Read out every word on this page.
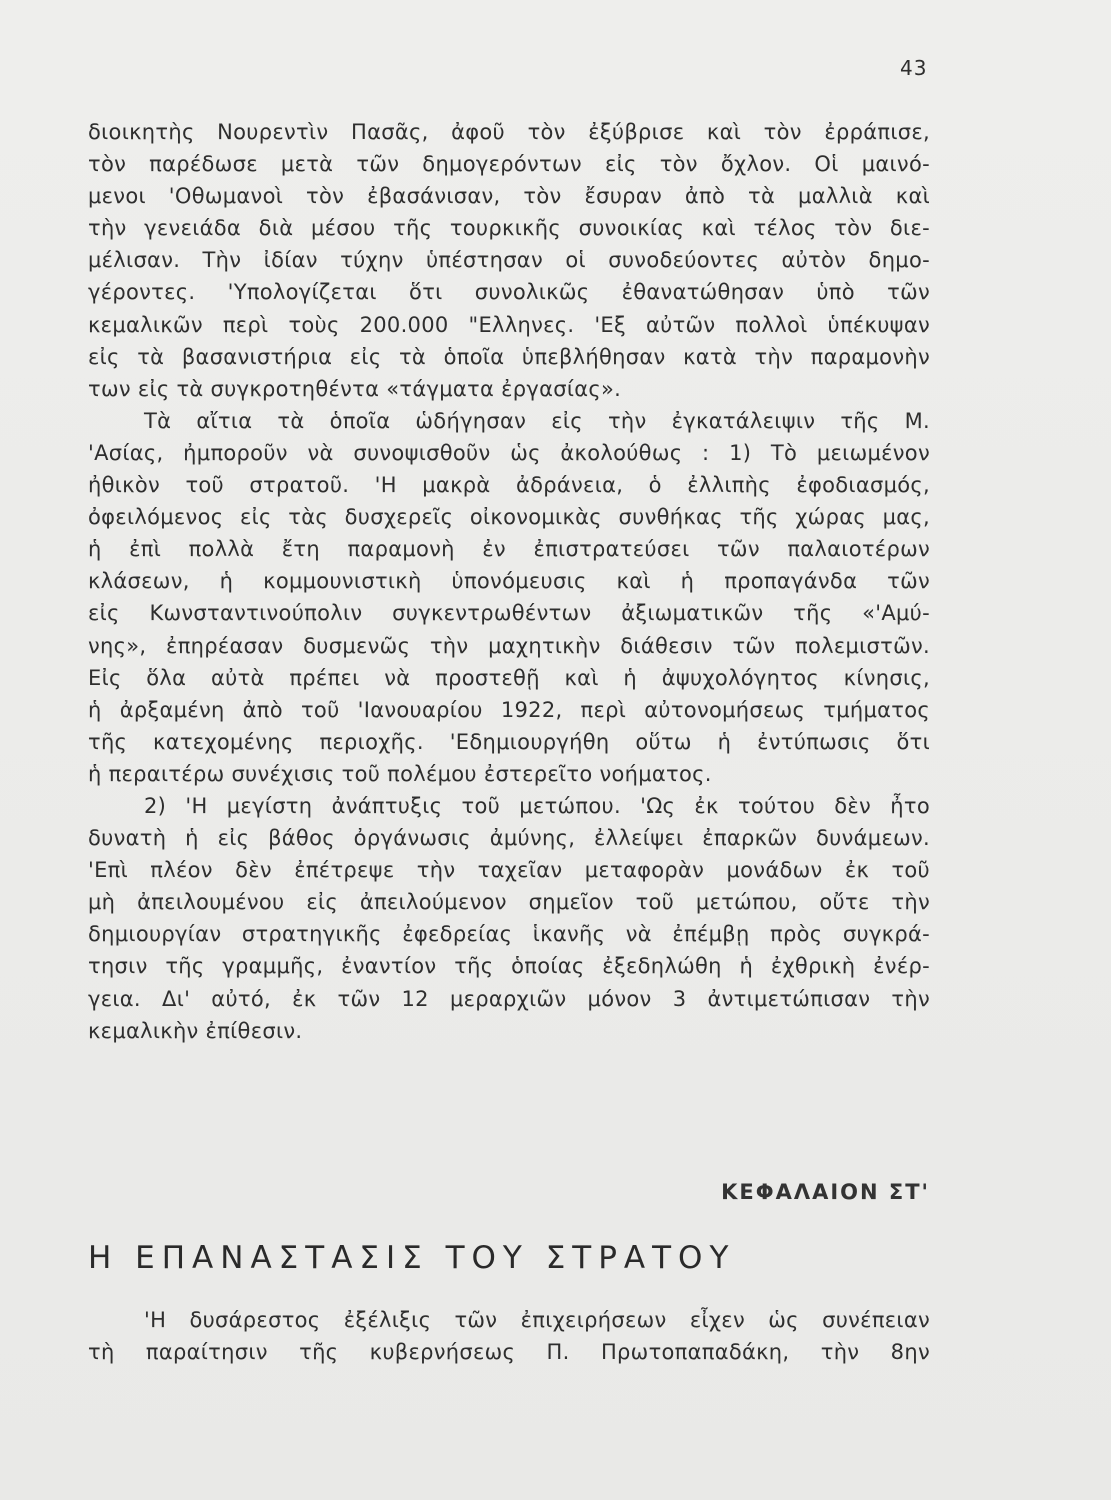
43
διοικητὴς Νουρεντὶν Πασᾶς, ἀφοῦ τὸν ἐξύβρισε καὶ τὸν ἐρράπισε,
τὸν παρέδωσε μετὰ τῶν δημογερόντων εἰς τὸν ὄχλον. Οἱ μαινό-
μενοι 'Οθωμανοὶ τὸν ἐβασάνισαν, τὸν ἔσυραν ἀπὸ τὰ μαλλιὰ καὶ
τὴν γενειάδα διὰ μέσου τῆς τουρκικῆς συνοικίας καὶ τέλος τὸν διε-
μέλισαν. Τὴν ἰδίαν τύχην ὑπέστησαν οἱ συνοδεύοντες αὐτὸν δημο-
γέροντες. 'Υπολογίζεται ὅτι συνολικῶς ἐθανατώθησαν ὑπὸ τῶν
κεμαλικῶν περὶ τοὺς 200.000 "Ελληνες. 'Εξ αὐτῶν πολλοὶ ὑπέκυψαν
εἰς τὰ βασανιστήρια εἰς τὰ ὁποῖα ὑπεβλήθησαν κατὰ τὴν παραμονὴν
των εἰς τὰ συγκροτηθέντα «τάγματα ἐργασίας».
Τὰ αἴτια τὰ ὁποῖα ὡδήγησαν εἰς τὴν ἐγκατάλειψιν τῆς Μ.
'Ασίας, ἠμποροῦν νὰ συνοψισθοῦν ὡς ἀκολούθως : 1) Τὸ μειωμένον
ἠθικὸν τοῦ στρατοῦ. 'Η μακρὰ ἀδράνεια, ὁ ἐλλιπὴς ἐφοδιασμός,
ὀφειλόμενος εἰς τὰς δυσχερεῖς οἰκονομικὰς συνθήκας τῆς χώρας μας,
ἡ ἐπὶ πολλὰ ἔτη παραμονὴ ἐν ἐπιστρατεύσει τῶν παλαιοτέρων
κλάσεων, ἡ κομμουνιστικὴ ὑπονόμευσις καὶ ἡ προπαγάνδα τῶν
εἰς Κωνσταντινούπολιν συγκεντρωθέντων ἀξιωματικῶν τῆς «'Αμύ-
νης», ἐπηρέασαν δυσμενῶς τὴν μαχητικὴν διάθεσιν τῶν πολεμιστῶν.
Εἰς ὅλα αὐτὰ πρέπει νὰ προστεθῇ καὶ ἡ ἀψυχολόγητος κίνησις,
ἡ ἀρξαμένη ἀπὸ τοῦ 'Ιανουαρίου 1922, περὶ αὐτονομήσεως τμήματος
τῆς κατεχομένης περιοχῆς. 'Εδημιουργήθη οὕτω ἡ ἐντύπωσις ὅτι
ἡ περαιτέρω συνέχισις τοῦ πολέμου ἐστερεῖτο νοήματος.
2) 'Η μεγίστη ἀνάπτυξις τοῦ μετώπου. 'Ως ἐκ τούτου δὲν ἦτο
δυνατὴ ἡ εἰς βάθος ὀργάνωσις ἀμύνης, ἐλλείψει ἐπαρκῶν δυνάμεων.
'Επὶ πλέον δὲν ἐπέτρεψε τὴν ταχεῖαν μεταφορὰν μονάδων ἐκ τοῦ
μὴ ἀπειλουμένου εἰς ἀπειλούμενον σημεῖον τοῦ μετώπου, οὔτε τὴν
δημιουργίαν στρατηγικῆς ἐφεδρείας ἱκανῆς νὰ ἐπέμβῃ πρὸς συγκρά-
τησιν τῆς γραμμῆς, ἐναντίον τῆς ὁποίας ἐξεδηλώθη ἡ ἐχθρικὴ ἐνέρ-
γεια. Δι' αὐτό, ἐκ τῶν 12 μεραρχιῶν μόνον 3 ἀντιμετώπισαν τὴν
κεμαλικὴν ἐπίθεσιν.
ΚΕΦΑΛΑΙΟΝ ΣΤ'
Η ΕΠΑΝΑΣΤΑΣΙΣ ΤΟΥ ΣΤΡΑΤΟΥ
'Η δυσάρεστος ἐξέλιξις τῶν ἐπιχειρήσεων εἶχεν ὡς συνέπειαν
τὴ παραίτησιν τῆς κυβερνήσεως Π. Πρωτοπαπαδάκη, τὴν 8ην
